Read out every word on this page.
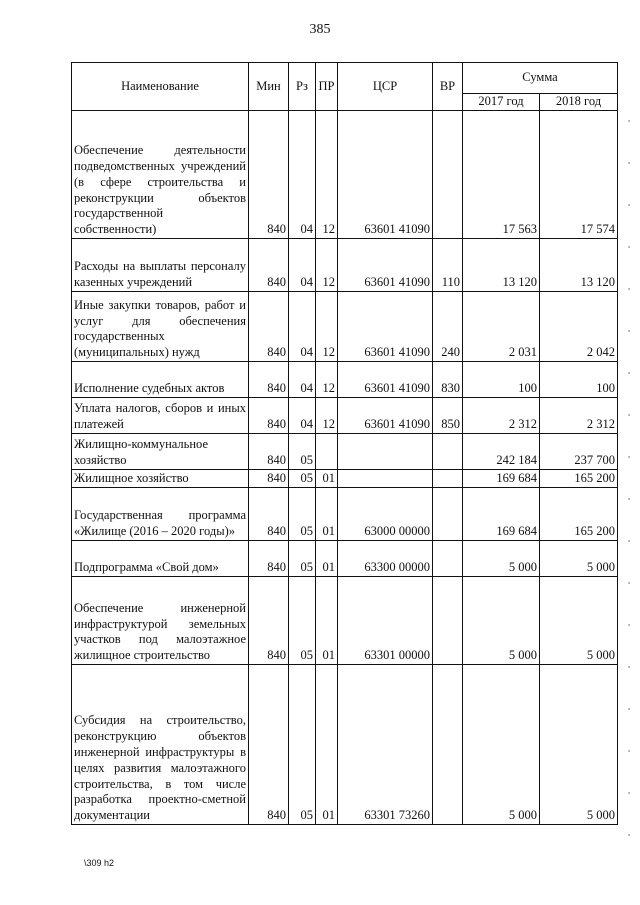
385
Наименование	Мин	Рз	ПР	ЦСР	ВР	Сумма	
						2017 год	2018 год
Обеспечение деятельности подведомственных учреждений (в сфере строительства и реконструкции объектов государственной собственности)	840	04	12	63601 41090		17 563	17 574
Расходы на выплаты персоналу казенных учреждений	840	04	12	63601 41090	110	13 120	13 120
Иные закупки товаров, работ и услуг для обеспечения государственных (муниципальных) нужд	840	04	12	63601 41090	240	2 031	2 042
Исполнение судебных актов	840	04	12	63601 41090	830	100	100
Уплата налогов, сборов и иных платежей	840	04	12	63601 41090	850	2 312	2 312
Жилищно-коммунальное хозяйство	840	05				242 184	237 700
Жилищное хозяйство	840	05	01			169 684	165 200
Государственная программа «Жилище (2016 – 2020 годы)»	840	05	01	63000 00000		169 684	165 200
Подпрограмма «Свой дом»	840	05	01	63300 00000		5 000	5 000
Обеспечение инженерной инфраструктурой земельных участков под малоэтажное жилищное строительство	840	05	01	63301 00000		5 000	5 000
Субсидия на строительство, реконструкцию объектов инженерной инфраструктуры в целях развития малоэтажного строительства, в том числе разработка проектно-сметной документации	840	05	01	63301 73260		5 000	5 000
\309 h2
